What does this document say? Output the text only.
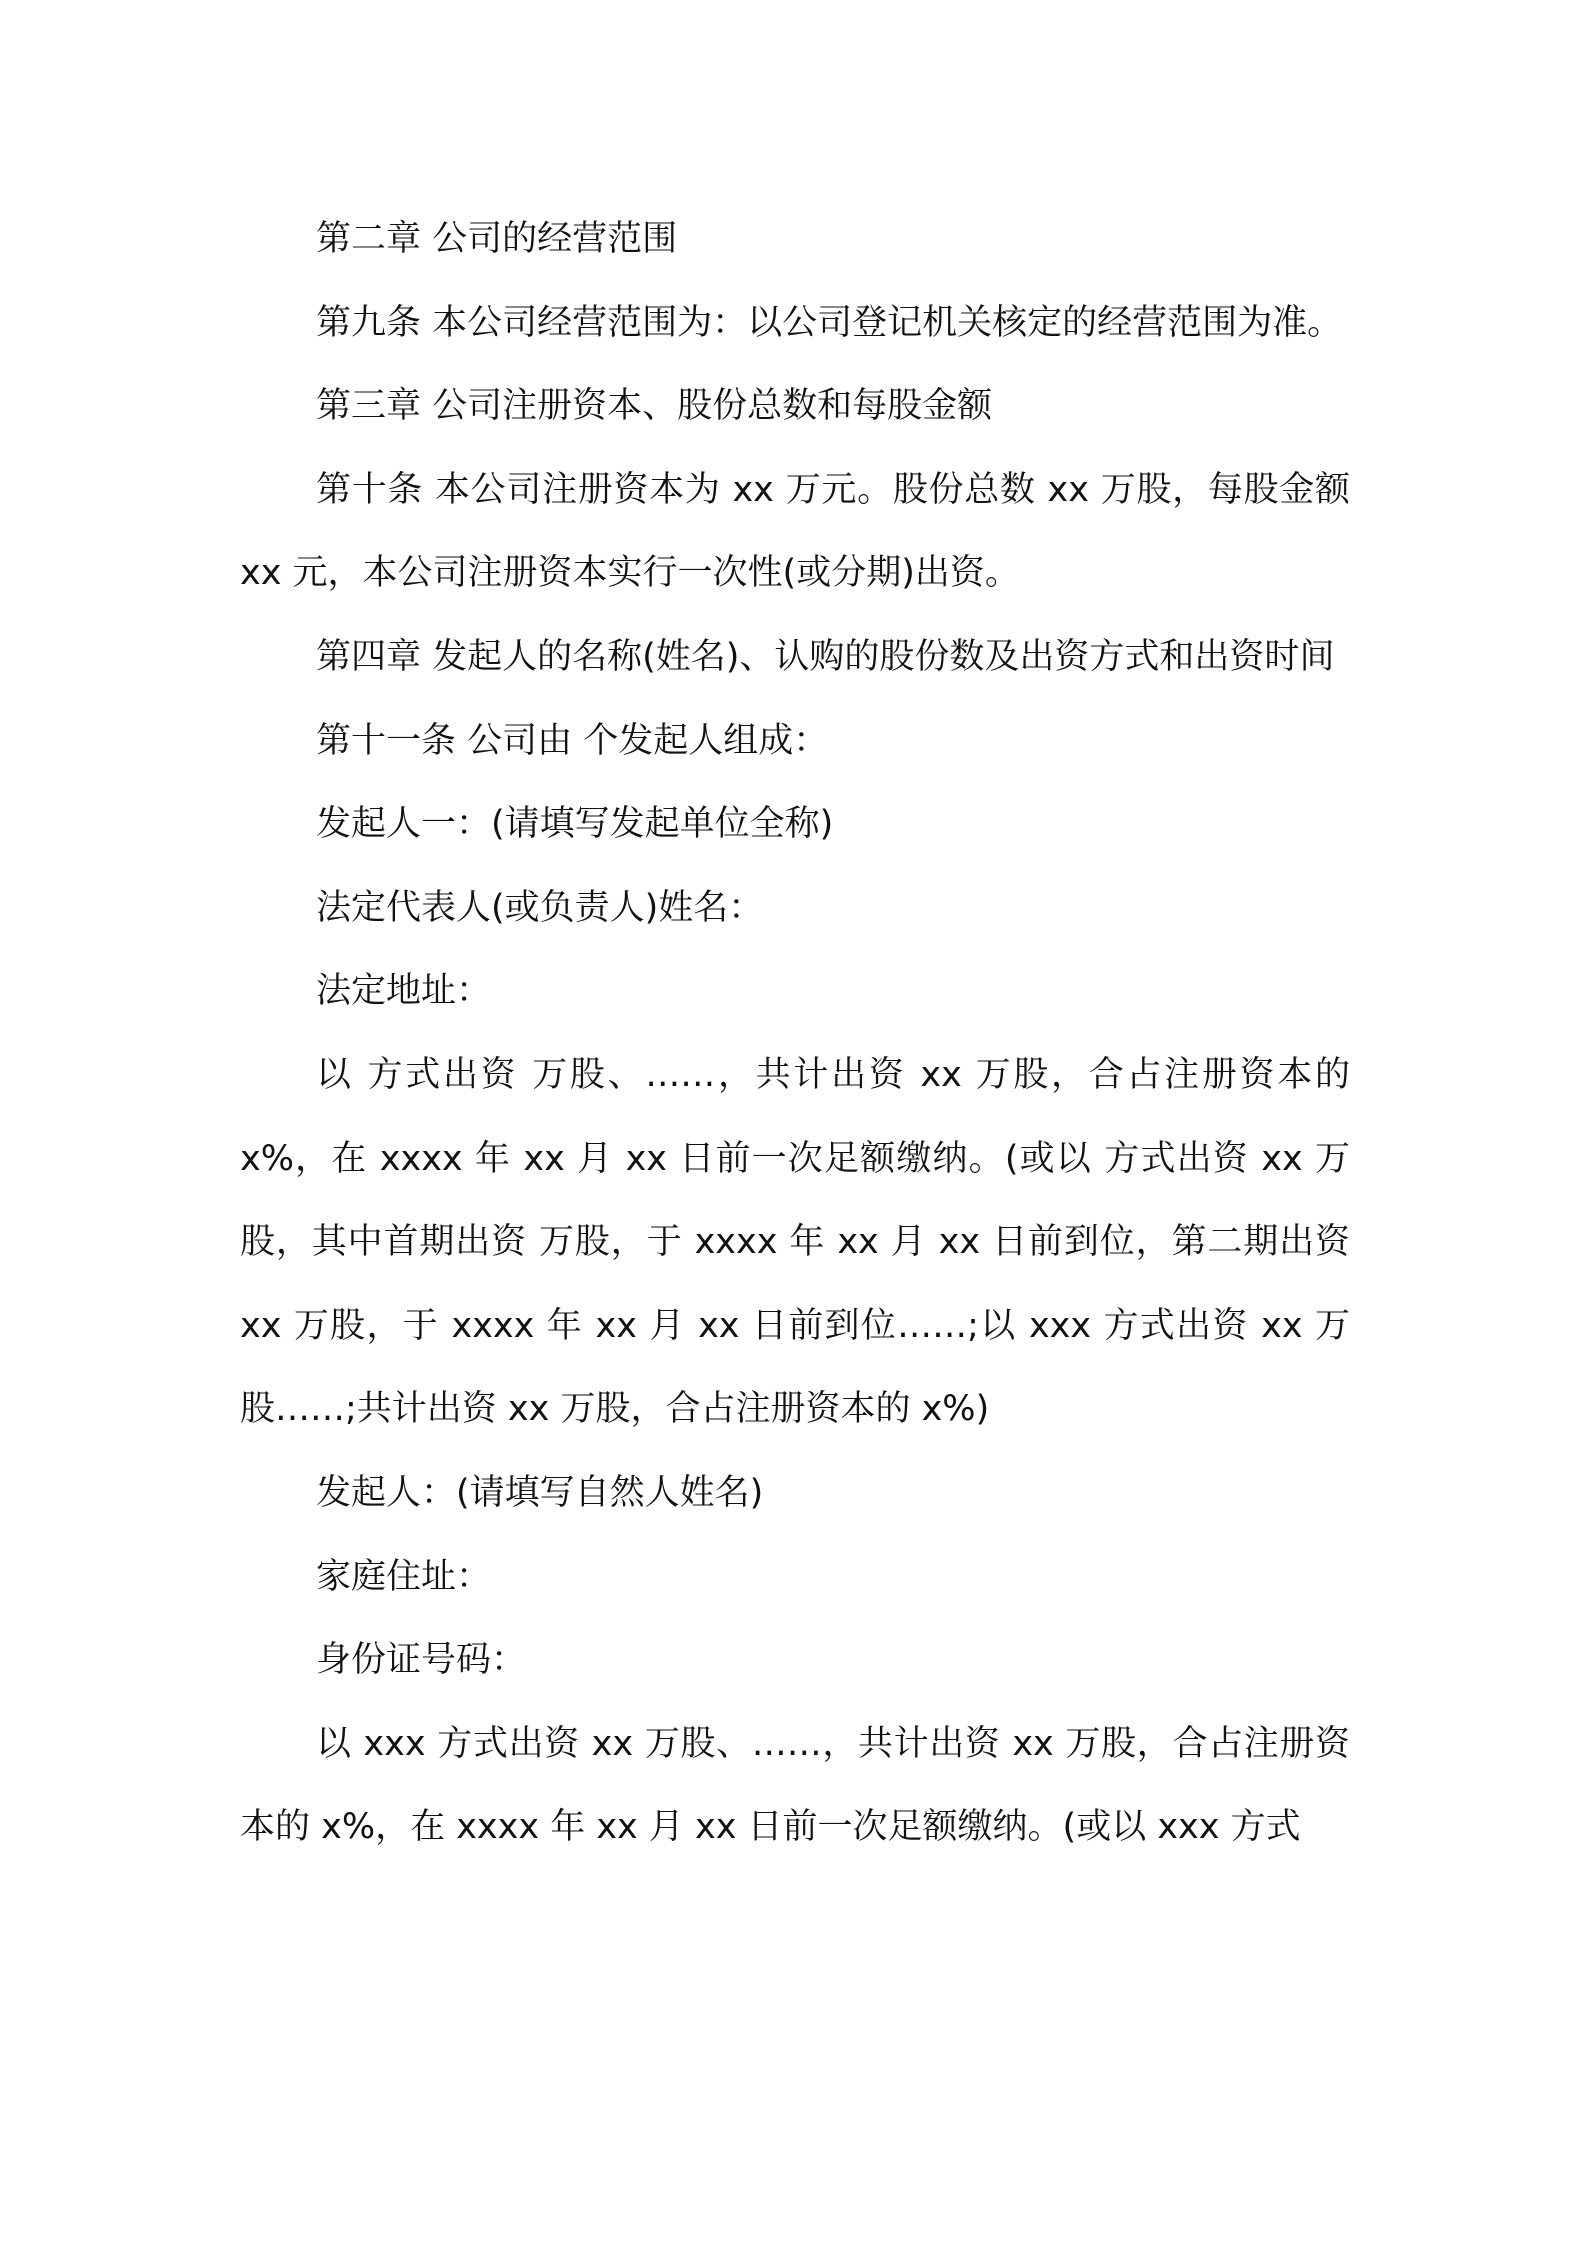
第二章 公司的经营范围

第九条 本公司经营范围为：以公司登记机关核定的经营范围为准。

第三章 公司注册资本、股份总数和每股金额

第十条 本公司注册资本为 xx 万元。股份总数 xx 万股，每股金额 xx 元，本公司注册资本实行一次性(或分期)出资。

第四章 发起人的名称(姓名)、认购的股份数及出资方式和出资时间

第十一条 公司由 个发起人组成：

发起人一：(请填写发起单位全称)

法定代表人(或负责人)姓名：

法定地址：

以 方式出资 万股、……，共计出资 xx 万股，合占注册资本的 x%，在 xxxx 年 xx 月 xx 日前一次足额缴纳。(或以 方式出资 xx 万股，其中首期出资 万股，于 xxxx 年 xx 月 xx 日前到位，第二期出资 xx 万股，于 xxxx 年 xx 月 xx 日前到位……;以 xxx 方式出资 xx 万股……;共计出资 xx 万股，合占注册资本的 x%)

发起人：(请填写自然人姓名)

家庭住址：

身份证号码：

以 xxx 方式出资 xx 万股、……，共计出资 xx 万股，合占注册资本的 x%，在 xxxx 年 xx 月 xx 日前一次足额缴纳。(或以 xxx 方式
